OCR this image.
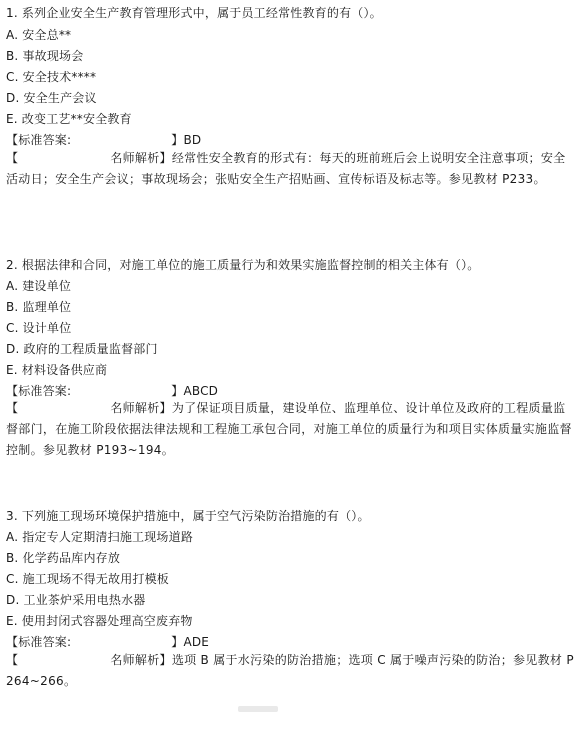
1. 系列企业安全生产教育管理形式中，属于员工经常性教育的有（）。
A. 安全总**
B. 事故现场会
C. 安全技术****
D. 安全生产会议
E. 改变工艺**安全教育
【标准答案:	】BD
【	名师解析】经常性安全教育的形式有：每天的班前班后会上说明安全注意事项；安全活动日；安全生产会议；事故现场会；张贴安全生产招贴画、宣传标语及标志等。参见教材 P233。
2. 根据法律和合同，对施工单位的施工质量行为和效果实施监督控制的相关主体有（）。
A. 建设单位
B. 监理单位
C. 设计单位
D. 政府的工程质量监督部门
E. 材料设备供应商
【标准答案:	】ABCD
【	名师解析】为了保证项目质量，建设单位、监理单位、设计单位及政府的工程质量监督部门，在施工阶段依据法律法规和工程施工承包合同，对施工单位的质量行为和项目实体质量实施监督控制。参见教材 P193~194。
3. 下列施工现场环境保护措施中，属于空气污染防治措施的有（）。
A. 指定专人定期清扫施工现场道路
B. 化学药品库内存放
C. 施工现场不得无故用打模板
D. 工业茶炉采用电热水器
E. 使用封闭式容器处理高空废弃物
【标准答案:	】ADE
【	名师解析】选项 B 属于水污染的防治措施；选项 C 属于噪声污染的防治；参见教材 P264~266。
